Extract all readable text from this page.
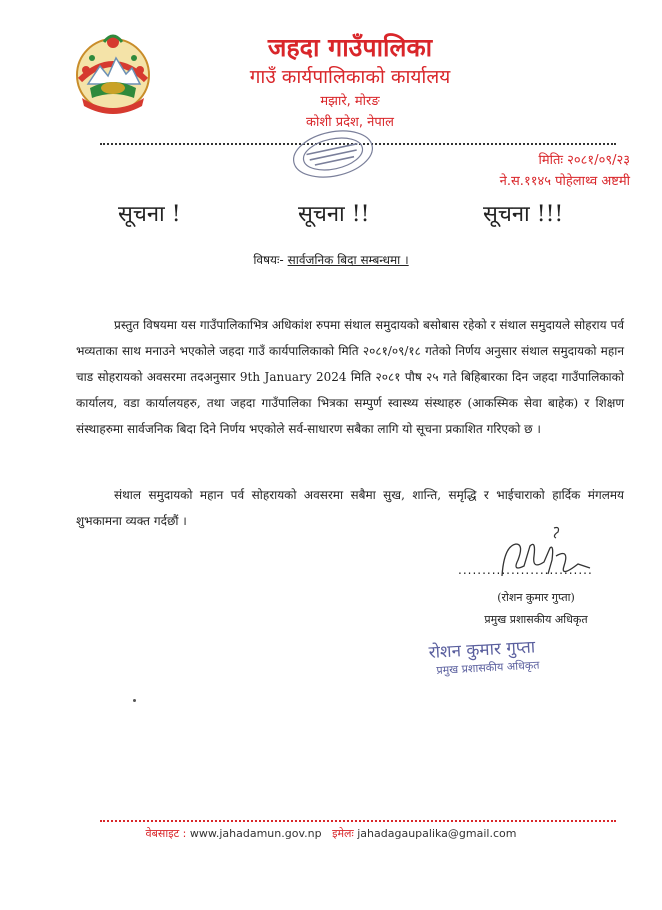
जहदा गाउँपालिका
गाउँ कार्यपालिकाको कार्यालय
मझारे, मोरङ
कोशी प्रदेश, नेपाल
मितिः २०८१/०९/२३
ने.स.११४५ पोहेलाथ्व अष्टमी
सूचना !	सूचना !!	सूचना !!!
विषयः- सार्वजनिक बिदा सम्बन्धमा ।
प्रस्तुत विषयमा यस गाउँपालिकाभित्र अधिकांश रुपमा संथाल समुदायको बसोबास रहेको र संथाल समुदायले सोहराय पर्व भव्यताका साथ मनाउने भएकोले जहदा गाउँ कार्यपालिकाको मिति २०८१/०९/१८ गतेको निर्णय अनुसार संथाल समुदायको महान चाड सोहरायको अवसरमा तदअनुसार 9th January 2024 मिति २०८१ पौष २५ गते बिहिबारका दिन जहदा गाउँपालिकाको कार्यालय, वडा कार्यालयहरु, तथा जहदा गाउँपालिका भित्रका सम्पुर्ण स्वास्थ्य संस्थाहरु (आकस्मिक सेवा बाहेक) र शिक्षण संस्थाहरुमा सार्वजनिक बिदा दिने निर्णय भएकोले सर्व-साधारण सबैका लागि यो सूचना प्रकाशित गरिएको छ ।
संथाल समुदायको महान पर्व सोहरायको अवसरमा सबैमा सुख, शान्ति, समृद्धि र भाईचाराको हार्दिक मंगलमय शुभकामना व्यक्त गर्दछौं ।
............................
(रोशन कुमार गुप्ता)
प्रमुख प्रशासकीय अधिकृत
रोशन कुमार गुप्ता
प्रमुख प्रशासकीय अधिकृत
वेबसाइट : www.jahadamun.gov.np इमेलः jahadagaupalika@gmail.com
